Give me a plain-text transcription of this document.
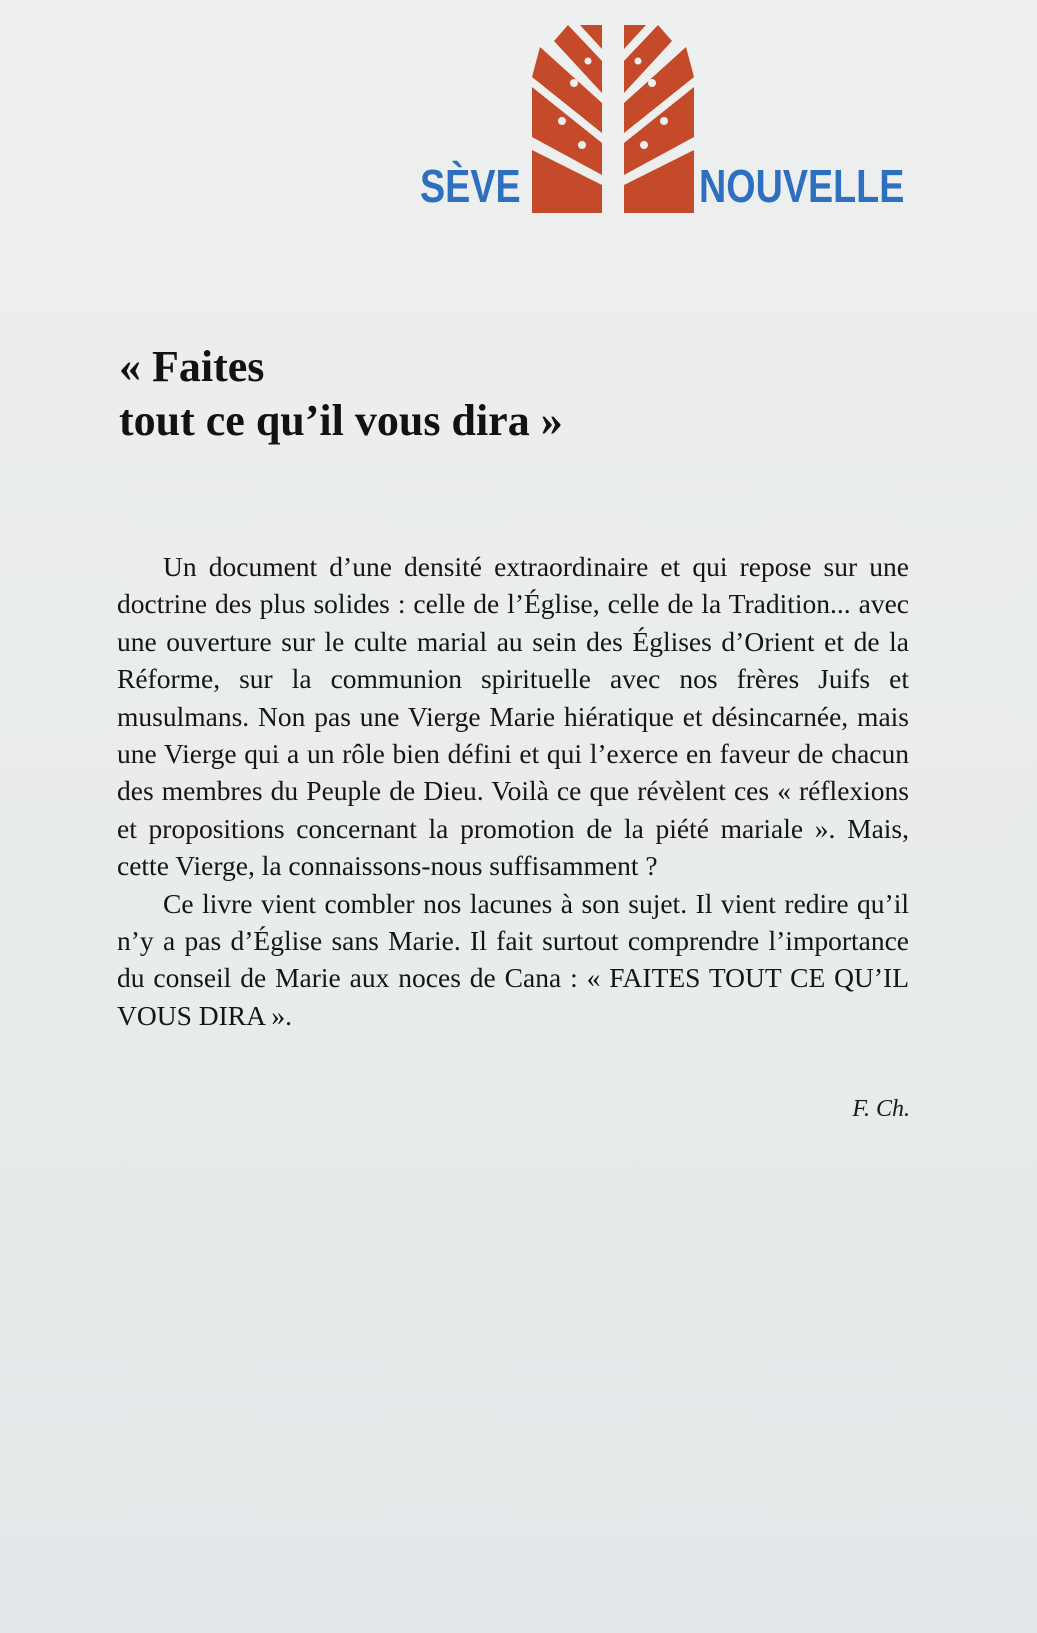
SÈVE	NOUVELLE
« Faites
tout ce qu’il vous dira »

Un document d’une densité extraordinaire et qui repose sur une doctrine des plus solides : celle de l’Église, celle de la Tradition... avec une ouverture sur le culte marial au sein des Églises d’Orient et de la Réforme, sur la communion spirituelle avec nos frères Juifs et musulmans. Non pas une Vierge Marie hiératique et désincarnée, mais une Vierge qui a un rôle bien défini et qui l’exerce en faveur de chacun des membres du Peuple de Dieu. Voilà ce que révèlent ces « réflexions et propositions concernant la promotion de la piété mariale ». Mais, cette Vierge, la connaissons-nous suffisamment ?

Ce livre vient combler nos lacunes à son sujet. Il vient redire qu’il n’y a pas d’Église sans Marie. Il fait surtout comprendre l’importance du conseil de Marie aux noces de Cana : « FAITES TOUT CE QU’IL VOUS DIRA ».

F. Ch.
